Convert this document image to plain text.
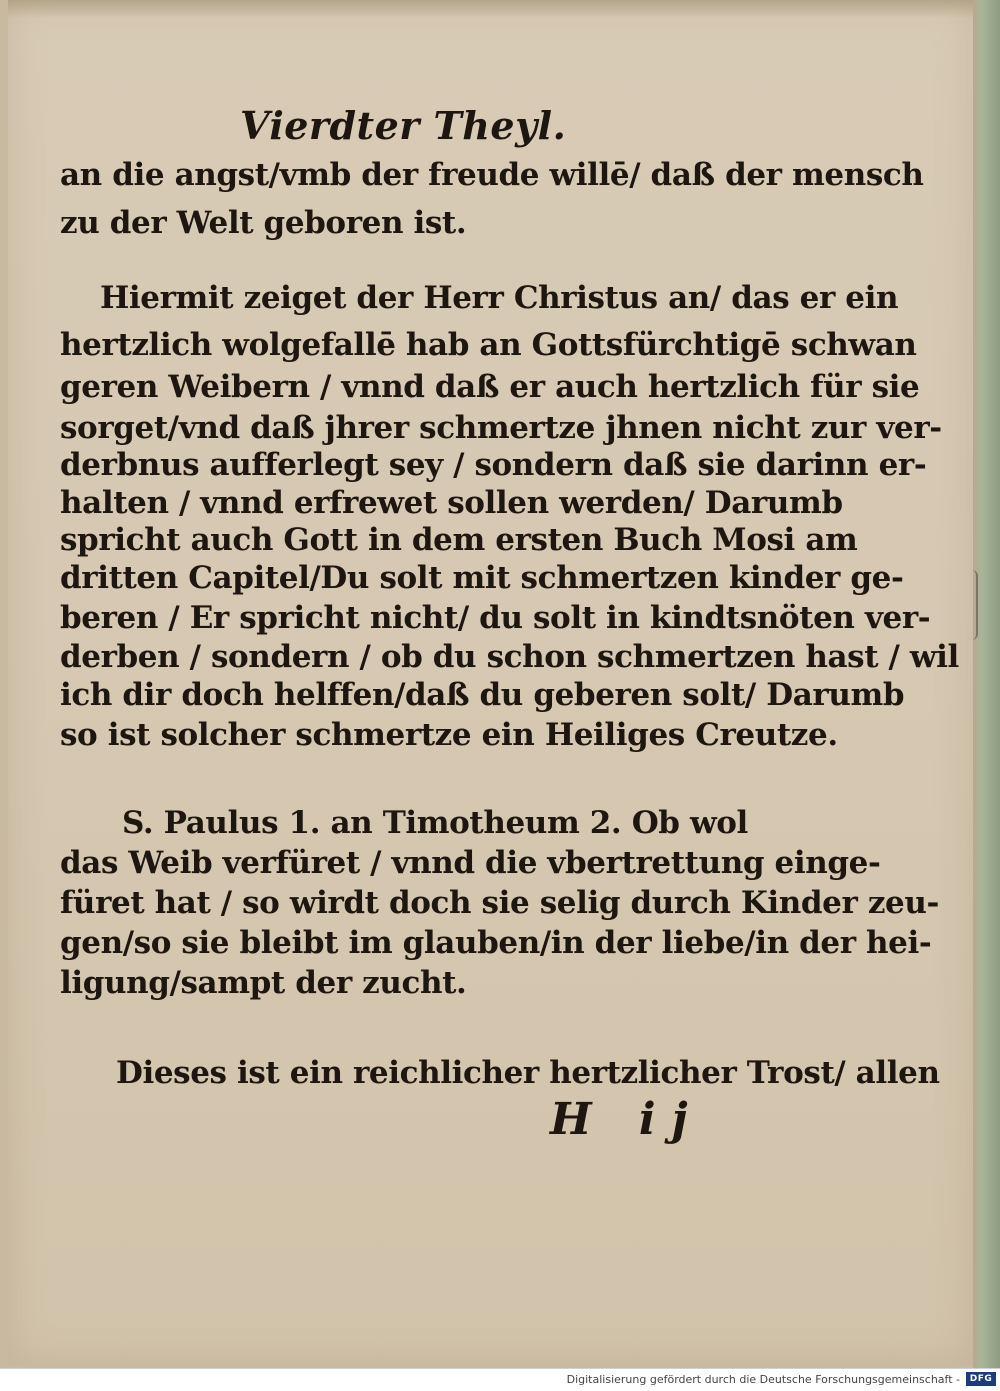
Vierdter Theyl.
an die angst/vmb der freude willē/ daß der mensch
zu der Welt geboren ist.
Hiermit zeiget der Herr Christus an/ das er ein
hertzlich wolgefallē hab an Gottsfürchtigē schwan
geren Weibern / vnnd daß er auch hertzlich für sie
sorget/vnd daß jhrer schmertze jhnen nicht zur ver-
derbnus aufferlegt sey / sondern daß sie darinn er-
halten / vnnd erfrewet sollen werden/ Darumb
spricht auch Gott in dem ersten Buch Mosi am
dritten Capitel/Du solt mit schmertzen kinder ge-
beren / Er spricht nicht/ du solt in kindtsnöten ver-
derben / sondern / ob du schon schmertzen hast / wil
ich dir doch helffen/daß du geberen solt/ Darumb
so ist solcher schmertze ein Heiliges Creutze.
S. Paulus 1. an Timotheum 2. Ob wol
das Weib verfüret / vnnd die vbertrettung einge-
füret hat / so wirdt doch sie selig durch Kinder zeu-
gen/so sie bleibt im glauben/in der liebe/in der hei-
ligung/sampt der zucht.
Dieses ist ein reichlicher hertzlicher Trost/ allen
H ij
Digitalisierung gefördert durch die Deutsche Forschungsgemeinschaft -	DFG
